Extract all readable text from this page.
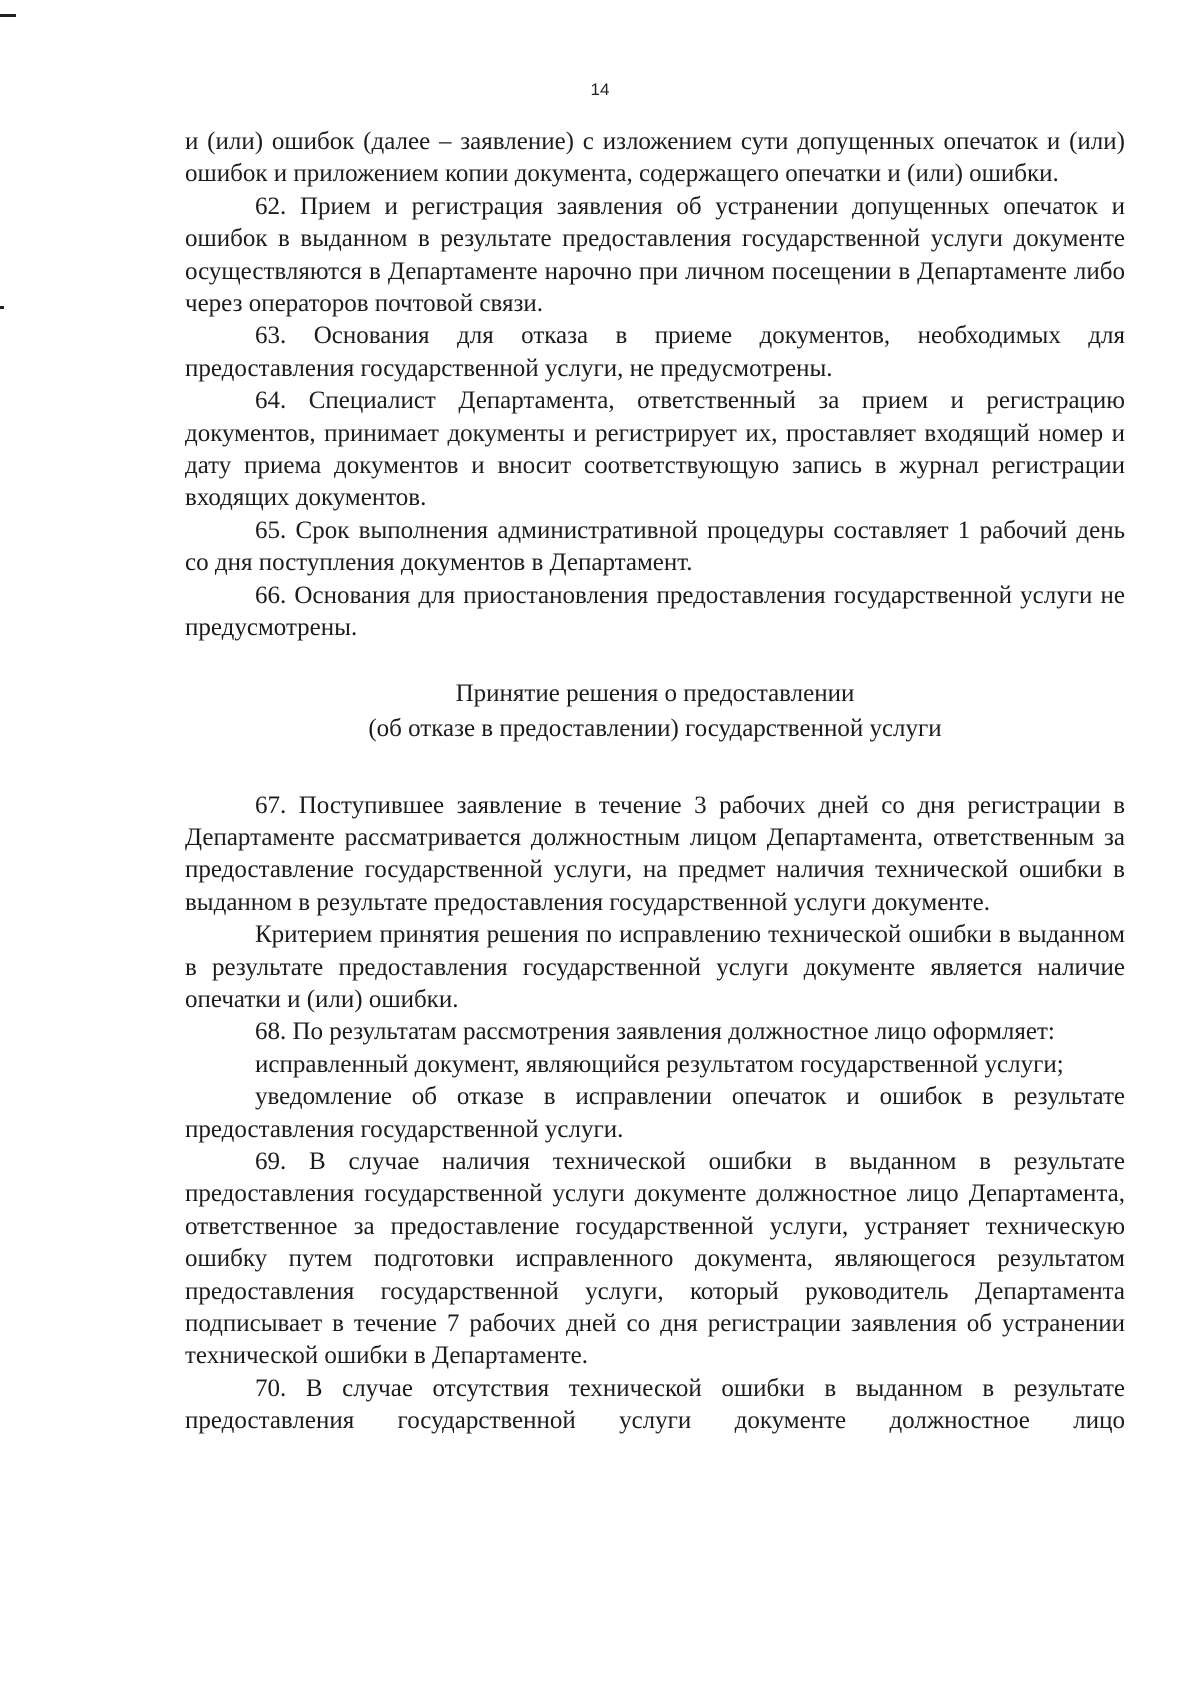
14

и (или) ошибок (далее – заявление) с изложением сути допущенных опечаток и (или) ошибок и приложением копии документа, содержащего опечатки и (или) ошибки.

62. Прием и регистрация заявления об устранении допущенных опечаток и ошибок в выданном в результате предоставления государственной услуги документе осуществляются в Департаменте нарочно при личном посещении в Департаменте либо через операторов почтовой связи.

63. Основания для отказа в приеме документов, необходимых для предоставления государственной услуги, не предусмотрены.

64. Специалист Департамента, ответственный за прием и регистрацию документов, принимает документы и регистрирует их, проставляет входящий номер и дату приема документов и вносит соответствующую запись в журнал регистрации входящих документов.

65. Срок выполнения административной процедуры составляет 1 рабочий день со дня поступления документов в Департамент.

66. Основания для приостановления предоставления государственной услуги не предусмотрены.

Принятие решения о предоставлении

(об отказе в предоставлении) государственной услуги

67. Поступившее заявление в течение 3 рабочих дней со дня регистрации в Департаменте рассматривается должностным лицом Департамента, ответственным за предоставление государственной услуги, на предмет наличия технической ошибки в выданном в результате предоставления государственной услуги документе.

Критерием принятия решения по исправлению технической ошибки в выданном в результате предоставления государственной услуги документе является наличие опечатки и (или) ошибки.

68. По результатам рассмотрения заявления должностное лицо оформляет:

исправленный документ, являющийся результатом государственной услуги;

уведомление об отказе в исправлении опечаток и ошибок в результате предоставления государственной услуги.

69. В случае наличия технической ошибки в выданном в результате предоставления государственной услуги документе должностное лицо Департамента, ответственное за предоставление государственной услуги, устраняет техническую ошибку путем подготовки исправленного документа, являющегося результатом предоставления государственной услуги, который руководитель Департамента подписывает в течение 7 рабочих дней со дня регистрации заявления об устранении технической ошибки в Департаменте.

70. В случае отсутствия технической ошибки в выданном в результате предоставления государственной услуги документе должностное лицо
